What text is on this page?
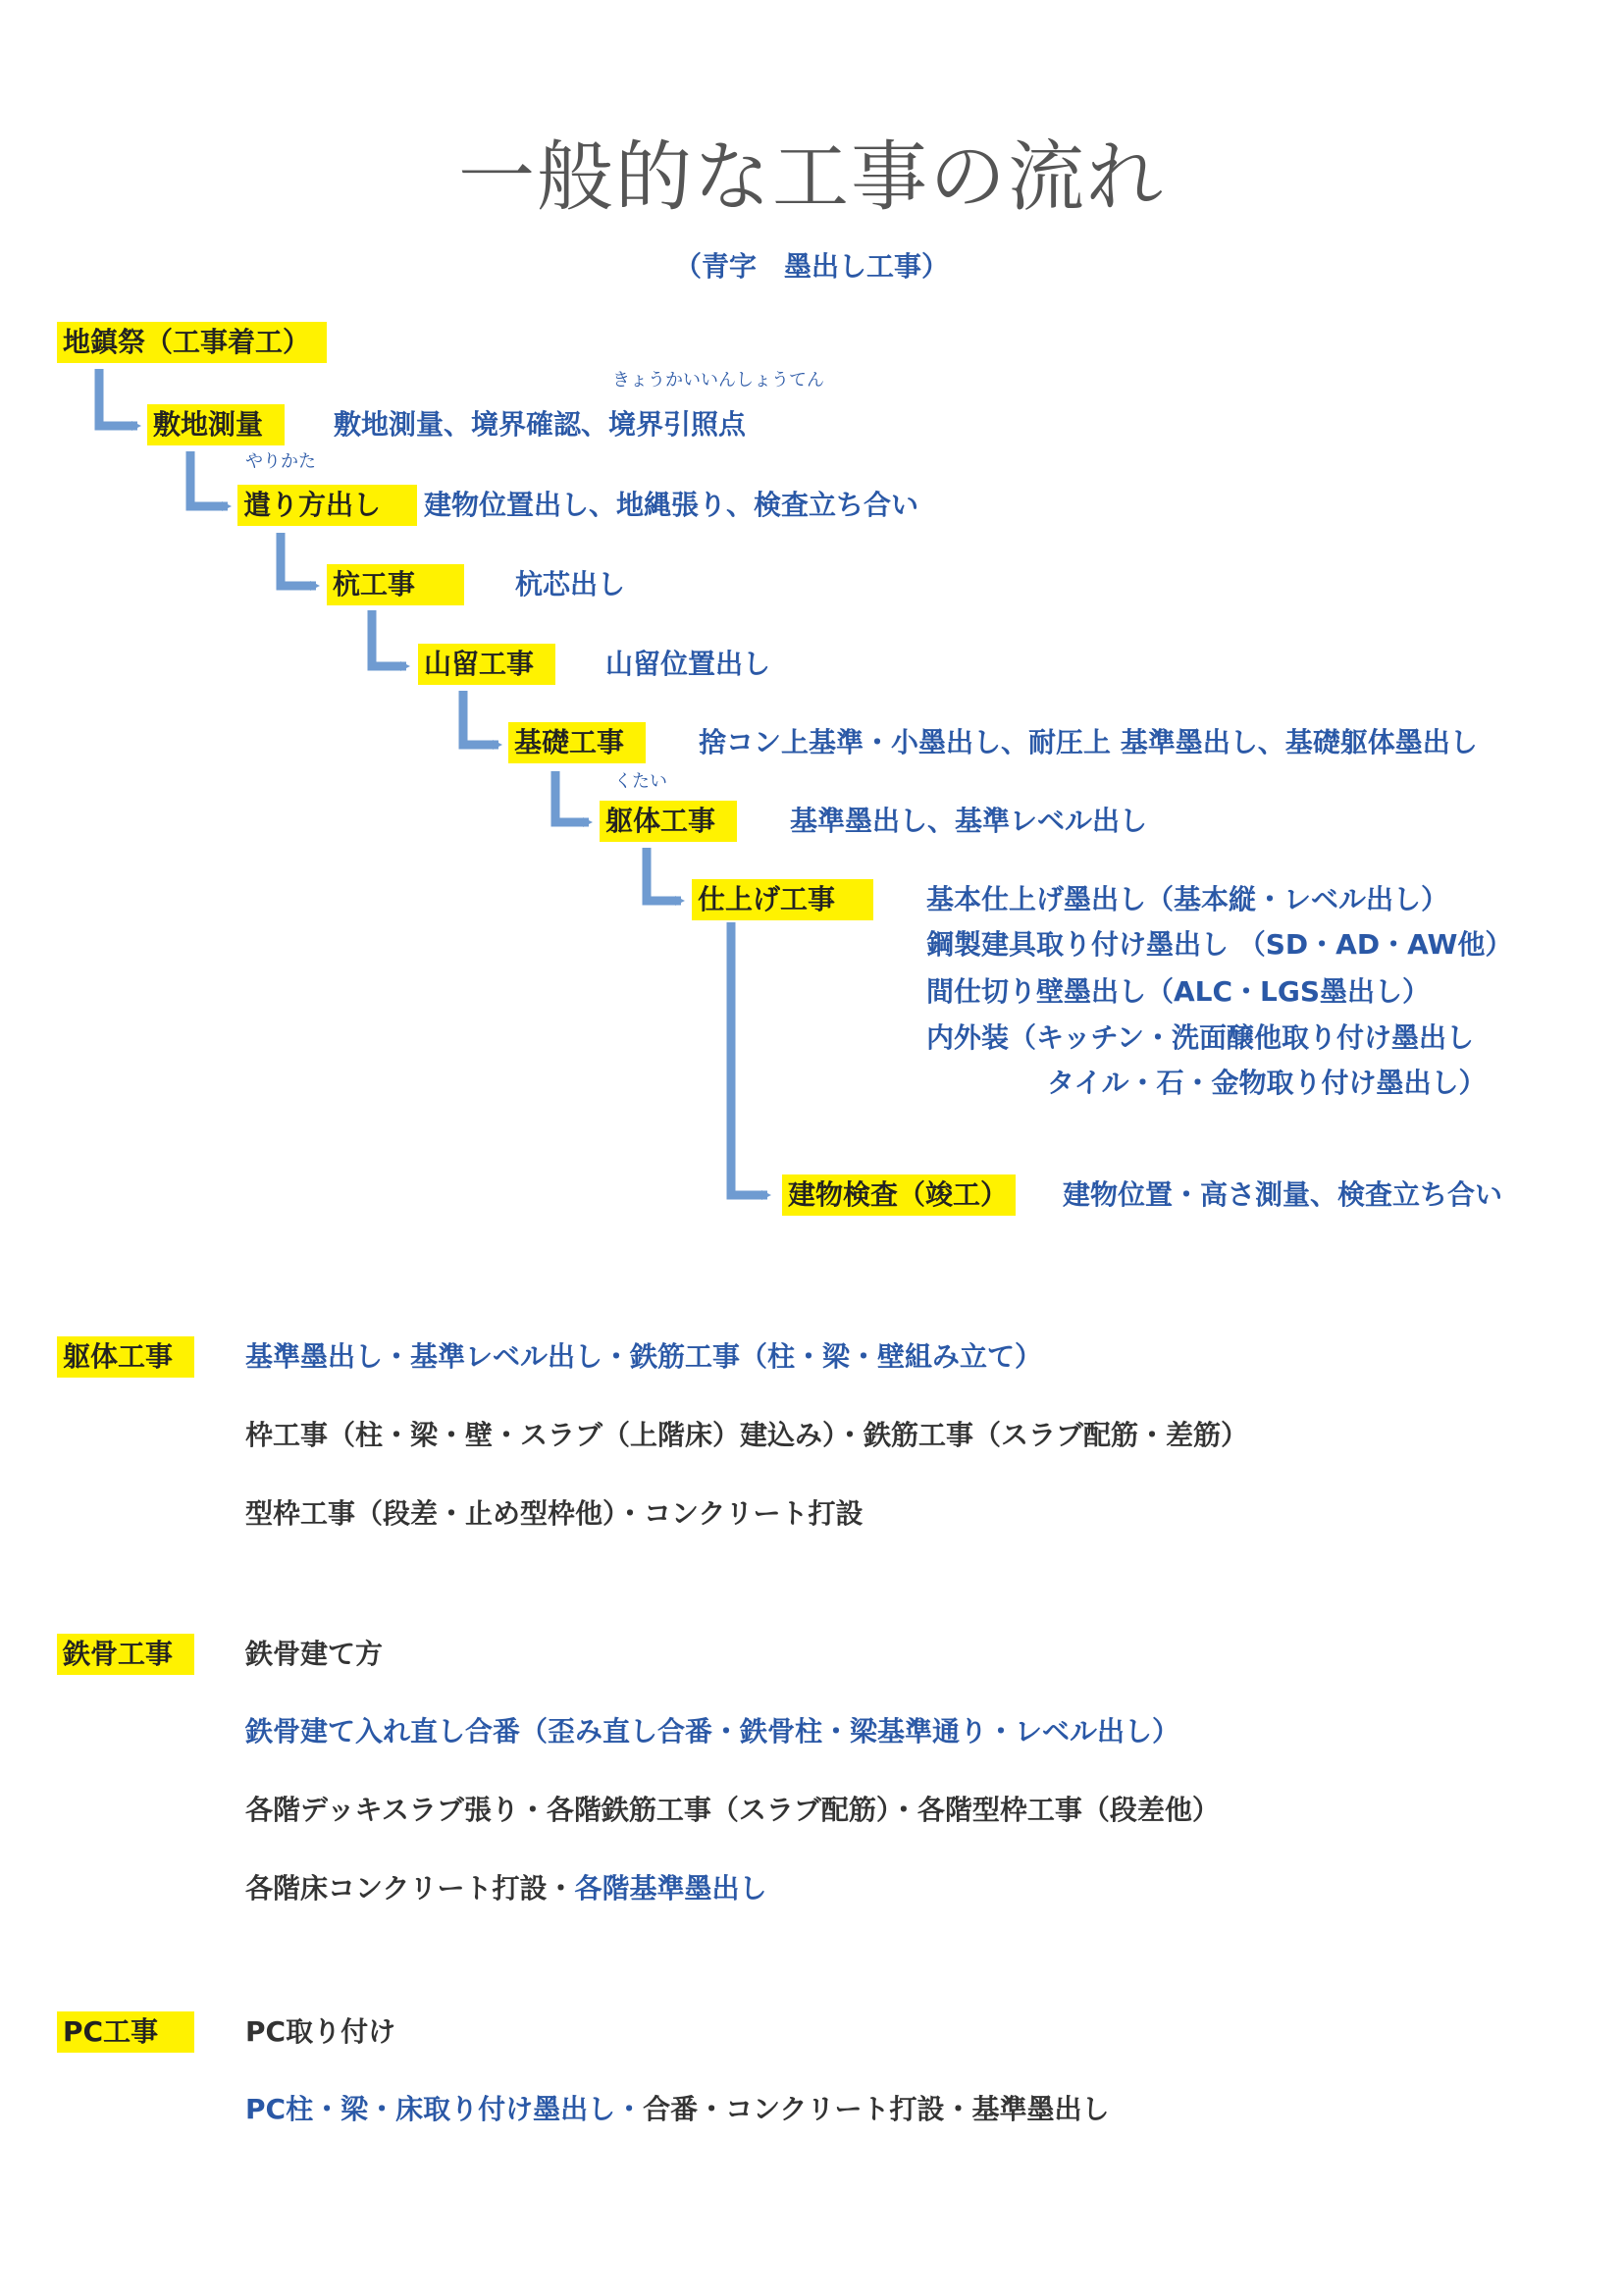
一般的な工事の流れ
（青字　墨出し工事）
地鎮祭（工事着工）
きょうかいいんしょうてん
敷地測量	敷地測量、境界確認、境界引照点
やりかた
遣り方出し	建物位置出し、地縄張り、検査立ち合い
杭工事	杭芯出し
山留工事	山留位置出し
基礎工事	捨コン上基準・小墨出し、耐圧上 基準墨出し、基礎躯体墨出し
くたい
躯体工事	基準墨出し、基準レベル出し
仕上げ工事	基本仕上げ墨出し（基本縦・レベル出し）
鋼製建具取り付け墨出し （SD・AD・AW他）
間仕切り壁墨出し（ALC・LGS墨出し）
内外装（キッチン・洗面醸他取り付け墨出し
タイル・石・金物取り付け墨出し）
建物検査（竣工） 建物位置・高さ測量、検査立ち合い
躯体工事	基準墨出し・基準レベル出し・鉄筋工事（柱・梁・壁組み立て）
枠工事（柱・梁・壁・スラブ（上階床）建込み）・鉄筋工事（スラブ配筋・差筋）
型枠工事（段差・止め型枠他）・コンクリート打設
鉄骨工事	鉄骨建て方
鉄骨建て入れ直し合番（歪み直し合番・鉄骨柱・梁基準通り・レベル出し）
各階デッキスラブ張り・各階鉄筋工事（スラブ配筋）・各階型枠工事（段差他）
各階床コンクリート打設・各階基準墨出し
PC工事	PC取り付け
PC柱・梁・床取り付け墨出し・合番・コンクリート打設・基準墨出し
